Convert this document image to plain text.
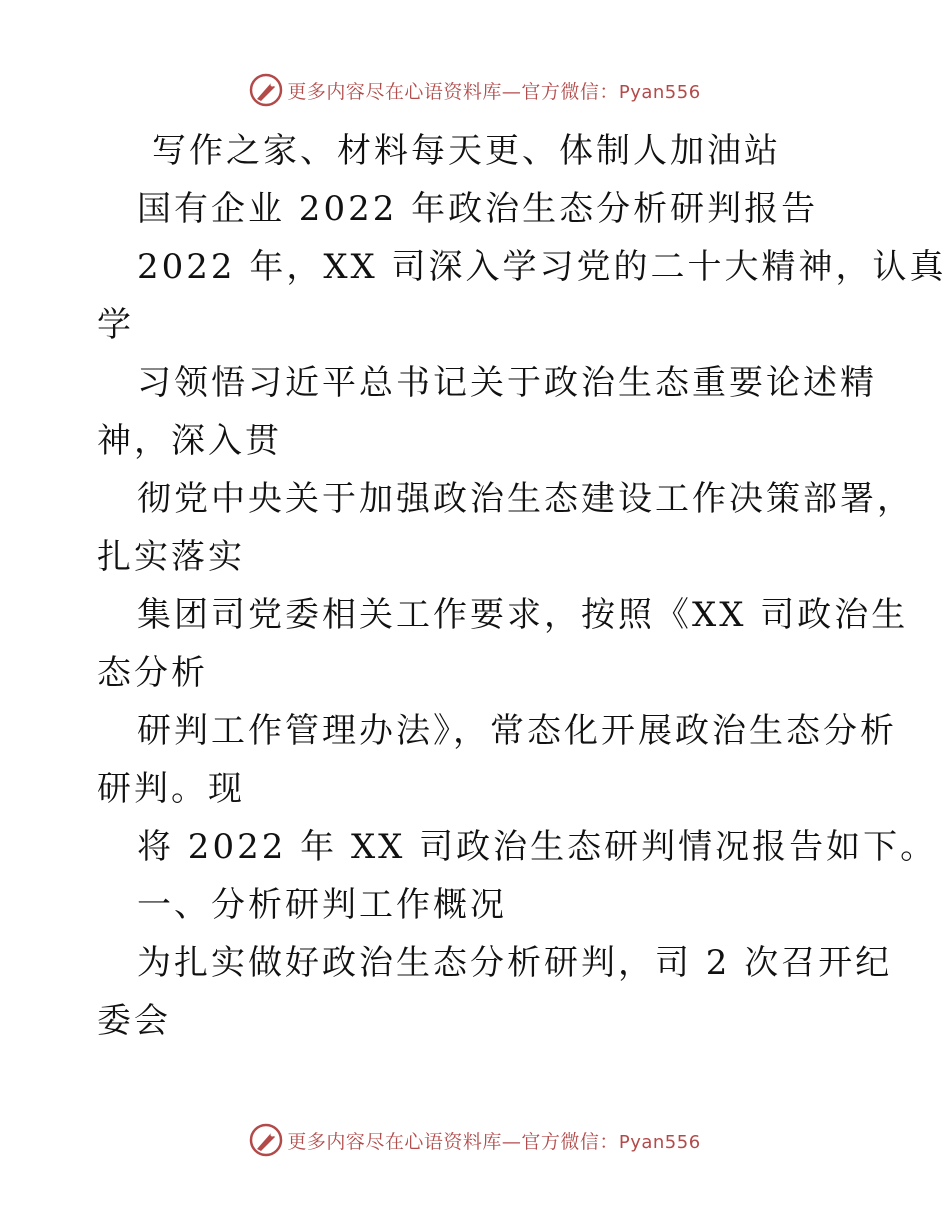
更多内容尽在心语资料库—官方微信：Pyan556
写作之家、材料每天更、体制人加油站
国有企业 2022 年政治生态分析研判报告
2022 年，XX 司深入学习党的二十大精神，认真
学
习领悟习近平总书记关于政治生态重要论述精
神，深入贯
彻党中央关于加强政治生态建设工作决策部署，
扎实落实
集团司党委相关工作要求，按照《XX 司政治生
态分析
研判工作管理办法》，常态化开展政治生态分析
研判。现
将 2022 年 XX 司政治生态研判情况报告如下。
一、分析研判工作概况
为扎实做好政治生态分析研判，司 2 次召开纪
委会
更多内容尽在心语资料库—官方微信：Pyan556
